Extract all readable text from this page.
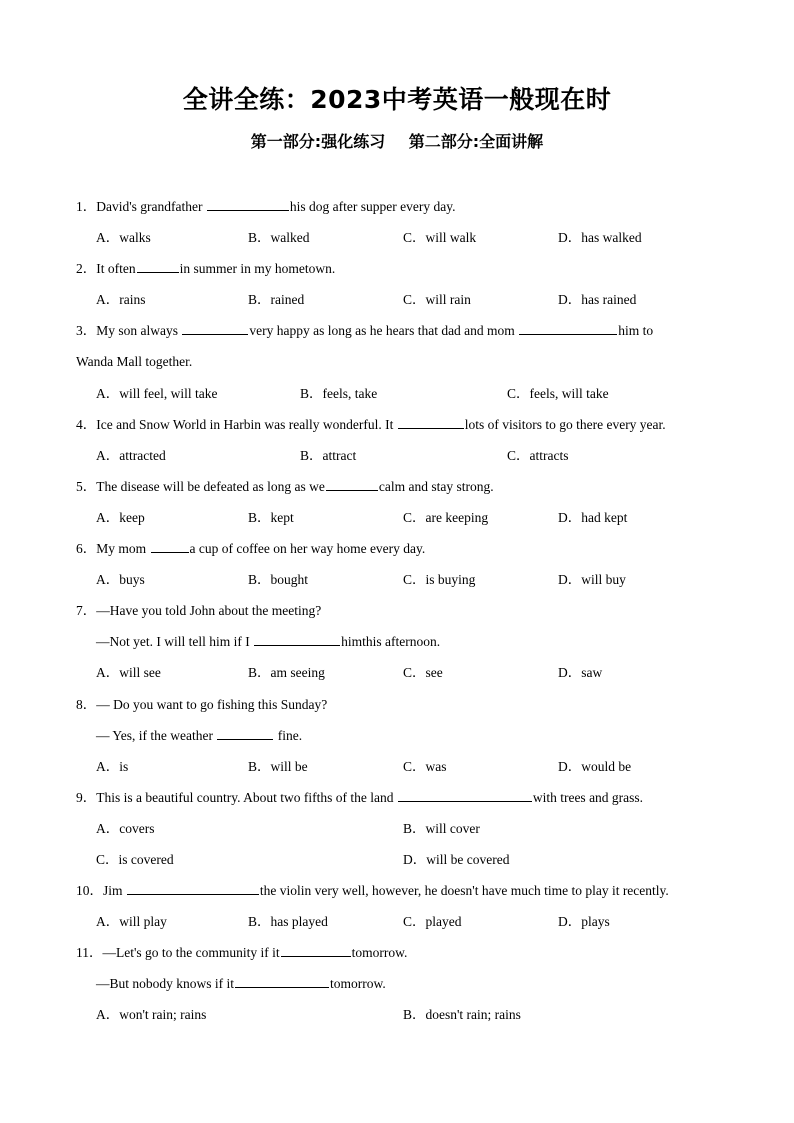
全讲全练：2023中考英语一般现在时
第一部分:强化练习 第二部分:全面讲解
1．David's grandfather	his dog after supper every day.
A．walks	B．walked	C．will walk	D．has walked
2．It often	in summer in my hometown.
A．rains	B．rained	C．will rain	D．has rained
3．My son always	very happy as long as he hears that dad and mom	him to
Wanda Mall together.
A．will feel, will take	B．feels, take	C．feels, will take
4．Ice and Snow World in Harbin was really wonderful. It	lots of visitors to go there every year.
A．attracted	B．attract	C．attracts
5．The disease will be defeated as long as we	calm and stay strong.
A．keep	B．kept	C．are keeping	D．had kept
6．My mom	a cup of coffee on her way home every day.
A．buys	B．bought	C．is buying	D．will buy
7．—Have you told John about the meeting?
—Not yet. I will tell him if I	himthis afternoon.
A．will see	B．am seeing	C．see	D．saw
8．— Do you want to go fishing this Sunday?
— Yes, if the weather	fine.
A．is	B．will be	C．was	D．would be
9．This is a beautiful country. About two fifths of the land	with trees and grass.
A．covers	B．will cover
C．is covered	D．will be covered
10．Jim	the violin very well, however, he doesn't have much time to play it recently.
A．will play	B．has played	C．played	D．plays
11．—Let's go to the community if it	tomorrow.
—But nobody knows if it	tomorrow.
A．won't rain; rains	B．doesn't rain; rains
